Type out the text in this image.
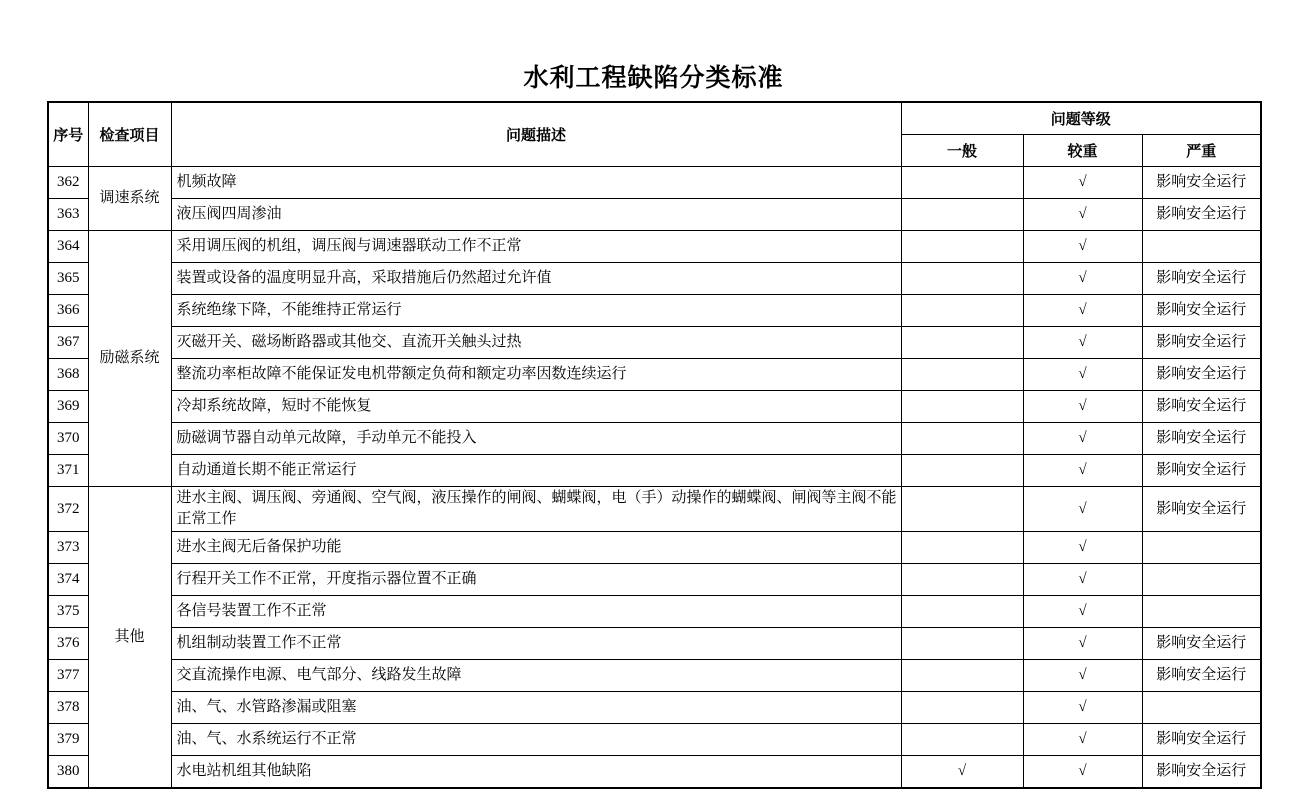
水利工程缺陷分类标准
序号	检查项目	问题描述	问题等级		
			一般	较重	严重
362	调速系统	机频故障		√	影响安全运行
363		液压阀四周渗油		√	影响安全运行
364	励磁系统	采用调压阀的机组，调压阀与调速器联动工作不正常		√	
365		装置或设备的温度明显升高，采取措施后仍然超过允许值		√	影响安全运行
366		系统绝缘下降，不能维持正常运行		√	影响安全运行
367		灭磁开关、磁场断路器或其他交、直流开关触头过热		√	影响安全运行
368		整流功率柜故障不能保证发电机带额定负荷和额定功率因数连续运行		√	影响安全运行
369		冷却系统故障，短时不能恢复		√	影响安全运行
370		励磁调节器自动单元故障，手动单元不能投入		√	影响安全运行
371		自动通道长期不能正常运行		√	影响安全运行
372	其他	进水主阀、调压阀、旁通阀、空气阀，液压操作的闸阀、蝴蝶阀，电（手）动操作的蝴蝶阀、闸阀等主阀不能正常工作		√	影响安全运行
373		进水主阀无后备保护功能		√	
374		行程开关工作不正常，开度指示器位置不正确		√	
375		各信号装置工作不正常		√	
376		机组制动装置工作不正常		√	影响安全运行
377		交直流操作电源、电气部分、线路发生故障		√	影响安全运行
378		油、气、水管路渗漏或阻塞		√	
379		油、气、水系统运行不正常		√	影响安全运行
380		水电站机组其他缺陷	√	√	影响安全运行
